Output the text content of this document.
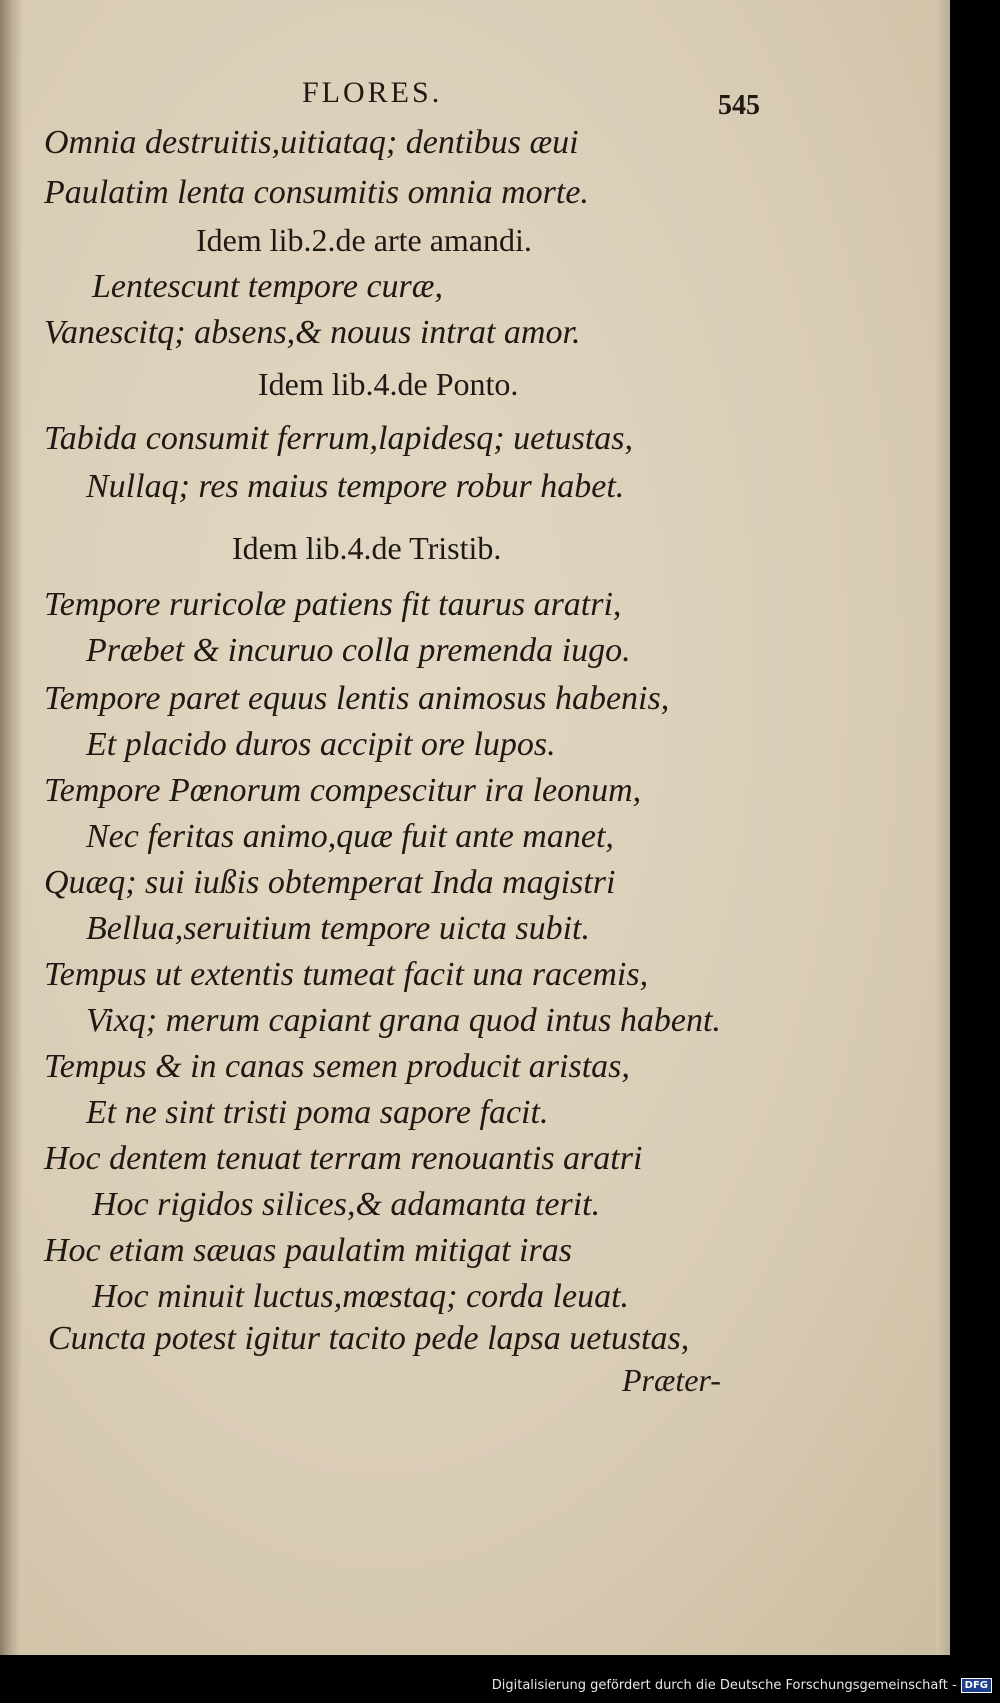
FLORES.	545
Omnia destruitis,uitiataq; dentibus æui
Paulatim lenta consumitis omnia morte.
Idem lib.2.de arte amandi.
Lentescunt tempore curæ,
Vanescitq; absens,& nouus intrat amor.
Idem lib.4.de Ponto.
Tabida consumit ferrum,lapidesq; uetustas,
Nullaq; res maius tempore robur habet.
Idem lib.4.de Tristib.
Tempore ruricolæ patiens fit taurus aratri,
Præbet & incuruo colla premenda iugo.
Tempore paret equus lentis animosus habenis,
Et placido duros accipit ore lupos.
Tempore Pœnorum compescitur ira leonum,
Nec feritas animo,quæ fuit ante manet,
Quæq; sui iußis obtemperat Inda magistri
Bellua,seruitium tempore uicta subit.
Tempus ut extentis tumeat facit una racemis,
Vixq; merum capiant grana quod intus habent.
Tempus & in canas semen producit aristas,
Et ne sint tristi poma sapore facit.
Hoc dentem tenuat terram renouantis aratri
Hoc rigidos silices,& adamanta terit.
Hoc etiam sæuas paulatim mitigat iras
Hoc minuit luctus,mœstaq; corda leuat.
Cuncta potest igitur tacito pede lapsa uetustas,
Præter-
Digitalisierung gefördert durch die Deutsche Forschungsgemeinschaft - DFG
